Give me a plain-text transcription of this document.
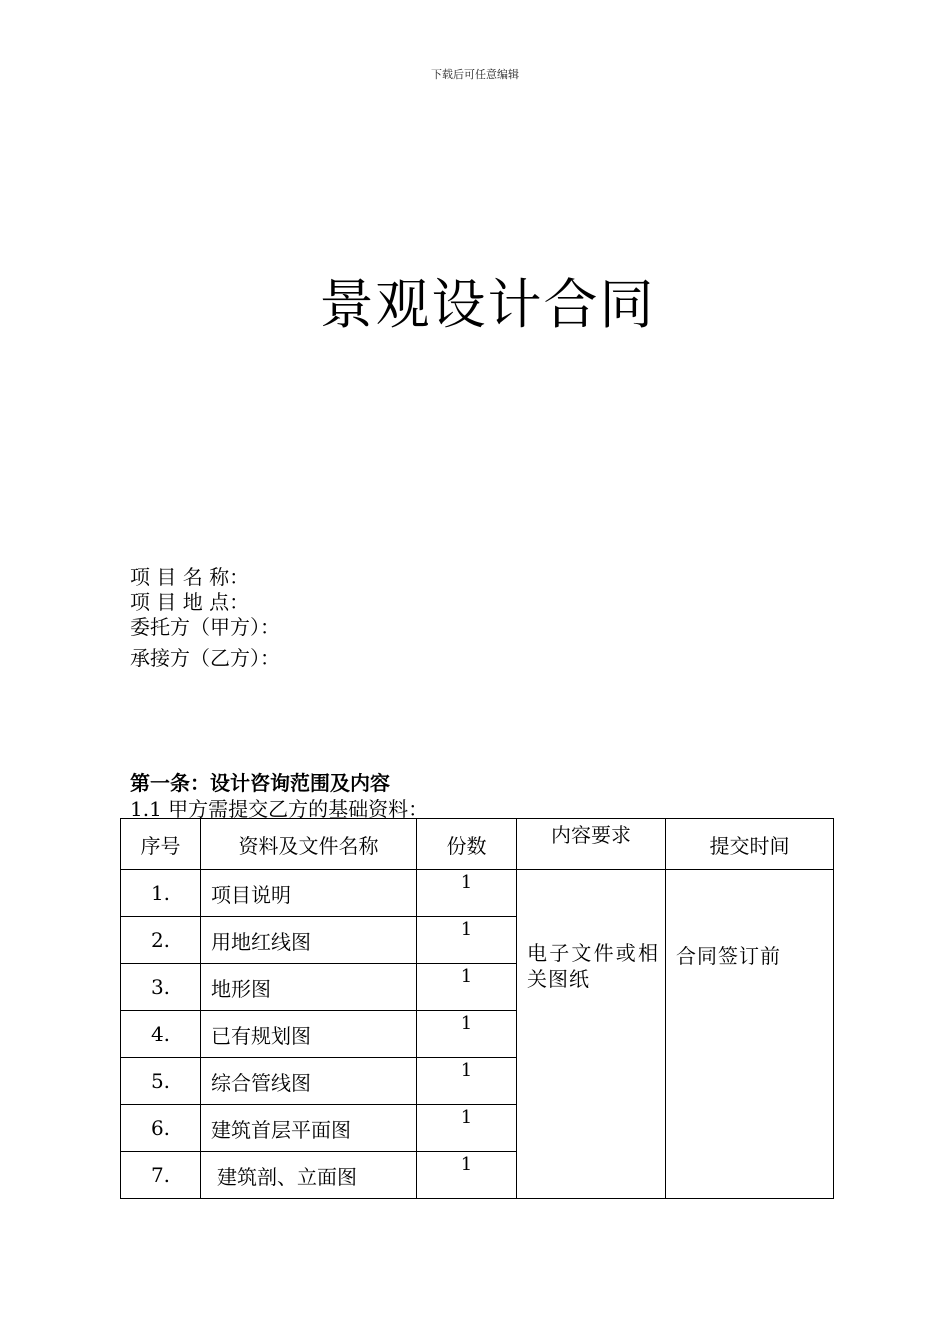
下载后可任意编辑
景观设计合同
项 目 名 称：
项 目 地 点：
委托方（甲方）：
承接方（乙方）：
第一条：设计咨询范围及内容
1.1 甲方需提交乙方的基础资料：
序号	资料及文件名称	份数	内容要求	提交时间
1.	项目说明	1	电子文件或相关图纸	合同签订前
2.	用地红线图	1		
3.	地形图	1		
4.	已有规划图	1		
5.	综合管线图	1		
6.	建筑首层平面图	1		
7.	建筑剖、立面图	1		
